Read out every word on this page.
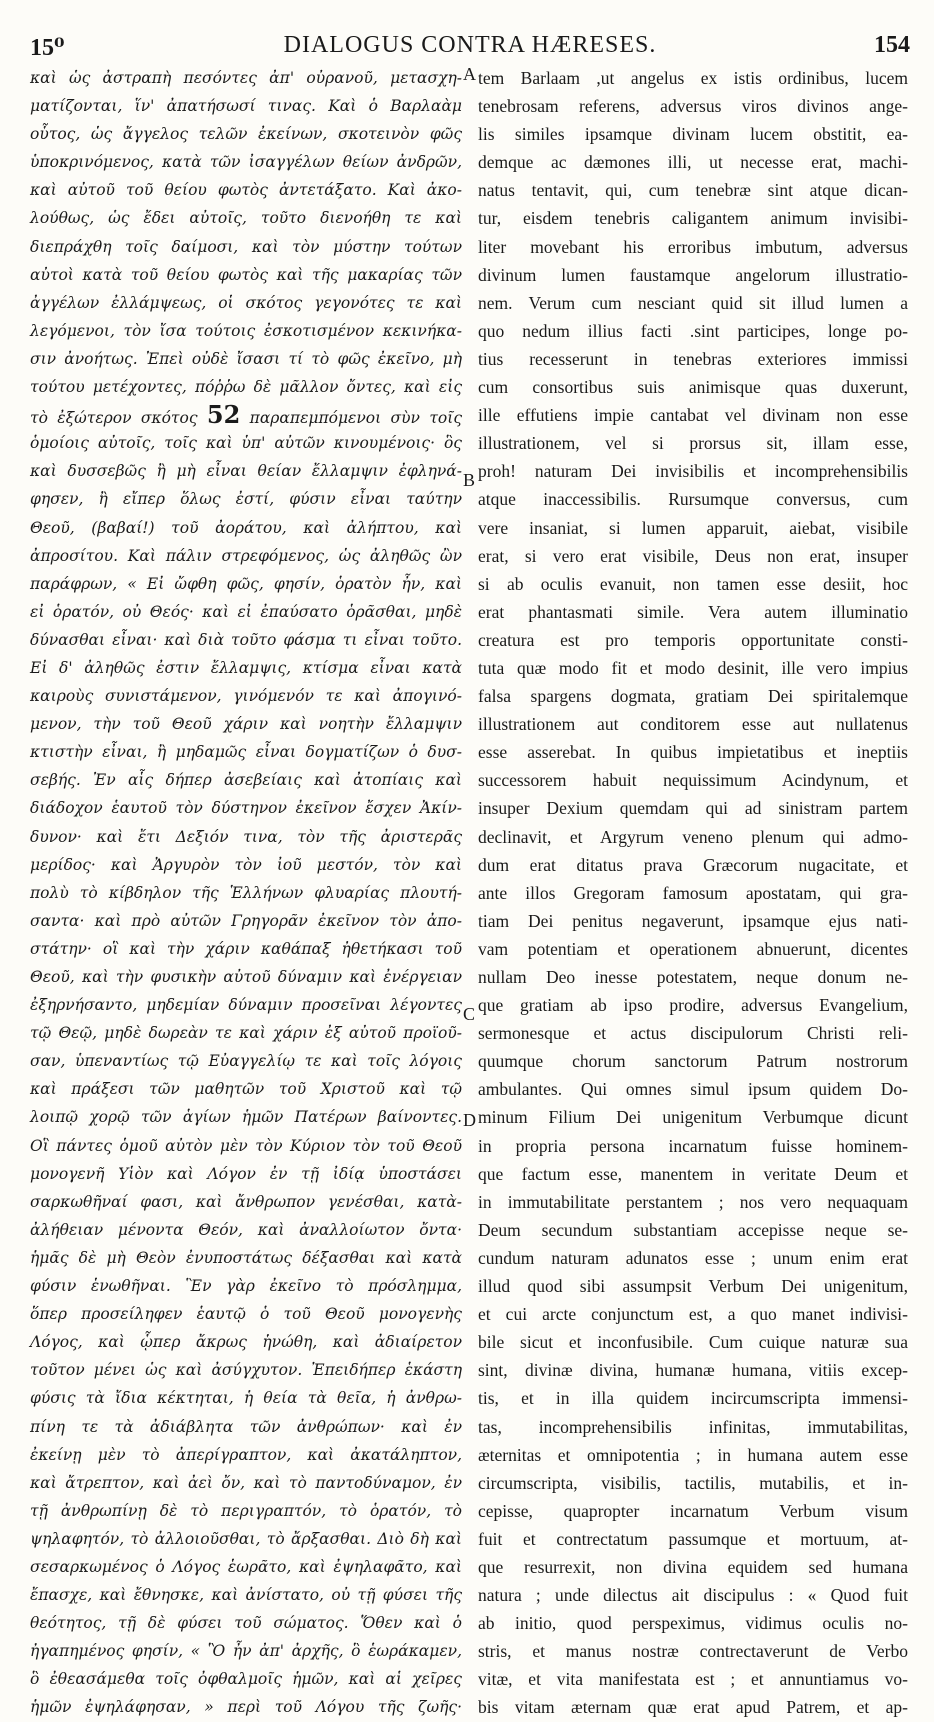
15⁰	DIALOGUS CONTRA HÆRESES.	154
καὶ ὡς ἀστραπὴ πεσόντες ἀπ' οὐρανοῦ, μετασχη-
ματίζονται, ἵν' ἀπατήσωσί τινας. Καὶ ὁ Βαρλαὰμ
οὗτος, ὡς ἄγγελος τελῶν ἐκείνων, σκοτεινὸν φῶς
ὑποκρινόμενος, κατὰ τῶν ἰσαγγέλων θείων ἀνδρῶν,
καὶ αὐτοῦ τοῦ θείου φωτὸς ἀντετάξατο. Καὶ ἀκο-
λούθως, ὡς ἔδει αὐτοῖς, τοῦτο διενοήθη τε καὶ
διεπράχθη τοῖς δαίμοσι, καὶ τὸν μύστην τούτων
αὐτοὶ κατὰ τοῦ θείου φωτὸς καὶ τῆς μακαρίας τῶν
ἀγγέλων ἐλλάμψεως, οἱ σκότος γεγονότες τε καὶ
λεγόμενοι, τὸν ἴσα τούτοις ἐσκοτισμένον κεκινήκα-
σιν ἀνοήτως. Ἐπεὶ οὐδὲ ἴσασι τί τὸ φῶς ἐκεῖνο, μὴ
τούτου μετέχοντες, πόῤῥω δὲ μᾶλλον ὄντες, καὶ εἰς
τὸ ἐξώτερον σκότος 52 παραπεμπόμενοι σὺν τοῖς
ὁμοίοις αὐτοῖς, τοῖς καὶ ὑπ' αὐτῶν κινουμένοις· ὃς
καὶ δυσσεβῶς ἢ μὴ εἶναι θείαν ἔλλαμψιν ἐφληνά-
φησεν, ἢ εἴπερ ὅλως ἐστί, φύσιν εἶναι ταύτην
Θεοῦ, (βαβαί!) τοῦ ἀοράτου, καὶ ἀλήπτου, καὶ
ἀπροσίτου. Καὶ πάλιν στρεφόμενος, ὡς ἀληθῶς ὢν
παράφρων, « Εἰ ὤφθη φῶς, φησίν, ὁρατὸν ἦν, καὶ
εἰ ὁρατόν, οὐ Θεός· καὶ εἰ ἐπαύσατο ὁρᾶσθαι, μηδὲ
δύνασθαι εἶναι· καὶ διὰ τοῦτο φάσμα τι εἶναι τοῦτο.
Εἰ δ' ἀληθῶς ἐστιν ἔλλαμψις, κτίσμα εἶναι κατὰ
καιροὺς συνιστάμενον, γινόμενόν τε καὶ ἀπογινό-
μενον, τὴν τοῦ Θεοῦ χάριν καὶ νοητὴν ἔλλαμψιν
κτιστὴν εἶναι, ἢ μηδαμῶς εἶναι δογματίζων ὁ δυσ-
σεβής. Ἐν αἷς δήπερ ἀσεβείαις καὶ ἀτοπίαις καὶ
διάδοχον ἑαυτοῦ τὸν δύστηνον ἐκεῖνον ἔσχεν Ἀκίν-
δυνον· καὶ ἔτι Δεξιόν τινα, τὸν τῆς ἀριστερᾶς
μερίδος· καὶ Ἀργυρὸν τὸν ἰοῦ μεστόν, τὸν καὶ
πολὺ τὸ κίβδηλον τῆς Ἑλλήνων φλυαρίας πλουτή-
σαντα· καὶ πρὸ αὐτῶν Γρηγορᾶν ἐκεῖνον τὸν ἀπο-
στάτην· οἳ καὶ τὴν χάριν καθάπαξ ἠθετήκασι τοῦ
Θεοῦ, καὶ τὴν φυσικὴν αὐτοῦ δύναμιν καὶ ἐνέργειαν
ἐξηρνήσαντο, μηδεμίαν δύναμιν προσεῖναι λέγοντες
τῷ Θεῷ, μηδὲ δωρεὰν τε καὶ χάριν ἐξ αὐτοῦ προϊοῦ-
σαν, ὑπεναντίως τῷ Εὐαγγελίῳ τε καὶ τοῖς λόγοις
καὶ πράξεσι τῶν μαθητῶν τοῦ Χριστοῦ καὶ τῷ
λοιπῷ χορῷ τῶν ἁγίων ἡμῶν Πατέρων βαίνοντες.
Οἳ πάντες ὁμοῦ αὐτὸν μὲν τὸν Κύριον τὸν τοῦ Θεοῦ
μονογενῆ Υἱὸν καὶ Λόγον ἐν τῇ ἰδίᾳ ὑποστάσει
σαρκωθῆναί φασι, καὶ ἄνθρωπον γενέσθαι, κατὰ-
ἀλήθειαν μένοντα Θεόν, καὶ ἀναλλοίωτον ὄντα·
ἡμᾶς δὲ μὴ Θεὸν ἐνυποστάτως δέξασθαι καὶ κατὰ
φύσιν ἑνωθῆναι. Ἓν γὰρ ἐκεῖνο τὸ πρόσλημμα,
ὅπερ προσείληφεν ἑαυτῷ ὁ τοῦ Θεοῦ μονογενὴς
Λόγος, καὶ ᾧπερ ἄκρως ἡνώθη, καὶ ἀδιαίρετον
τοῦτον μένει ὡς καὶ ἀσύγχυτον. Ἐπειδήπερ ἑκάστη
φύσις τὰ ἴδια κέκτηται, ἡ θεία τὰ θεῖα, ἡ ἀνθρω-
πίνη τε τὰ ἀδιάβλητα τῶν ἀνθρώπων· καὶ ἐν
ἐκείνῃ μὲν τὸ ἀπερίγραπτον, καὶ ἀκατάληπτον,
καὶ ἄτρεπτον, καὶ ἀεὶ ὄν, καὶ τὸ παντοδύναμον, ἐν
τῇ ἀνθρωπίνῃ δὲ τὸ περιγραπτόν, τὸ ὁρατόν, τὸ
ψηλαφητόν, τὸ ἀλλοιοῦσθαι, τὸ ἄρξασθαι. Διὸ δὴ καὶ
σεσαρκωμένος ὁ Λόγος ἑωρᾶτο, καὶ ἐψηλαφᾶτο, καὶ
ἔπασχε, καὶ ἔθνησκε, καὶ ἀνίστατο, οὐ τῇ φύσει τῆς
θεότητος, τῇ δὲ φύσει τοῦ σώματος. Ὅθεν καὶ ὁ
ἠγαπημένος φησίν, « Ὃ ἦν ἀπ' ἀρχῆς, ὃ ἑωράκαμεν,
ὃ ἐθεασάμεθα τοῖς ὀφθαλμοῖς ἡμῶν, καὶ αἱ χεῖρες
ἡμῶν ἐψηλάφησαν, » περὶ τοῦ Λόγου τῆς ζωῆς·
tem Barlaam ,ut angelus ex istis ordinibus, lucem
tenebrosam referens, adversus viros divinos ange-
lis similes ipsamque divinam lucem obstitit, ea-
demque ac dæmones illi, ut necesse erat, machi-
natus tentavit, qui, cum tenebræ sint atque dican-
tur, eisdem tenebris caligantem animum invisibi-
liter movebant his erroribus imbutum, adversus
divinum lumen faustamque angelorum illustratio-
nem. Verum cum nesciant quid sit illud lumen a
quo nedum illius facti .sint participes, longe po-
tius recesserunt in tenebras exteriores immissi
cum consortibus suis animisque quas duxerunt,
ille effutiens impie cantabat vel divinam non esse
illustrationem, vel si prorsus sit, illam esse,
proh! naturam Dei invisibilis et incomprehensibilis
atque inaccessibilis. Rursumque conversus, cum
vere insaniat, si lumen apparuit, aiebat, visibile
erat, si vero erat visibile, Deus non erat, insuper
si ab oculis evanuit, non tamen esse desiit, hoc
erat phantasmati simile. Vera autem illuminatio
creatura est pro temporis opportunitate consti-
tuta quæ modo fit et modo desinit, ille vero impius
falsa spargens dogmata, gratiam Dei spiritalemque
illustrationem aut conditorem esse aut nullatenus
esse asserebat. In quibus impietatibus et ineptiis
successorem habuit nequissimum Acindynum, et
insuper Dexium quemdam qui ad sinistram partem
declinavit, et Argyrum veneno plenum qui admo-
dum erat ditatus prava Græcorum nugacitate, et
ante illos Gregoram famosum apostatam, qui gra-
tiam Dei penitus negaverunt, ipsamque ejus nati-
vam potentiam et operationem abnuerunt, dicentes
nullam Deo inesse potestatem, neque donum ne-
que gratiam ab ipso prodire, adversus Evangelium,
sermonesque et actus discipulorum Christi reli-
quumque chorum sanctorum Patrum nostrorum
ambulantes. Qui omnes simul ipsum quidem Do-
minum Filium Dei unigenitum Verbumque dicunt
in propria persona incarnatum fuisse hominem-
que factum esse, manentem in veritate Deum et
in immutabilitate perstantem ; nos vero nequaquam
Deum secundum substantiam accepisse neque se-
cundum naturam adunatos esse ; unum enim erat
illud quod sibi assumpsit Verbum Dei unigenitum,
et cui arcte conjunctum est, a quo manet indivisi-
bile sicut et inconfusibile. Cum cuique naturæ sua
sint, divinæ divina, humanæ humana, vitiis excep-
tis, et in illa quidem incircumscripta immensi-
tas, incomprehensibilis infinitas, immutabilitas,
æternitas et omnipotentia ; in humana autem esse
circumscripta, visibilis, tactilis, mutabilis, et in-
cepisse, quapropter incarnatum Verbum visum
fuit et contrectatum passumque et mortuum, at-
que resurrexit, non divina equidem sed humana
natura ; unde dilectus ait discipulus : « Quod fuit
ab initio, quod perspeximus, vidimus oculis no-
stris, et manus nostræ contrectaverunt de Verbo
vitæ, et vita manifestata est ; et annuntiamus vo-
bis vitam æternam quæ erat apud Patrem, et ap-
A
B
C
D
